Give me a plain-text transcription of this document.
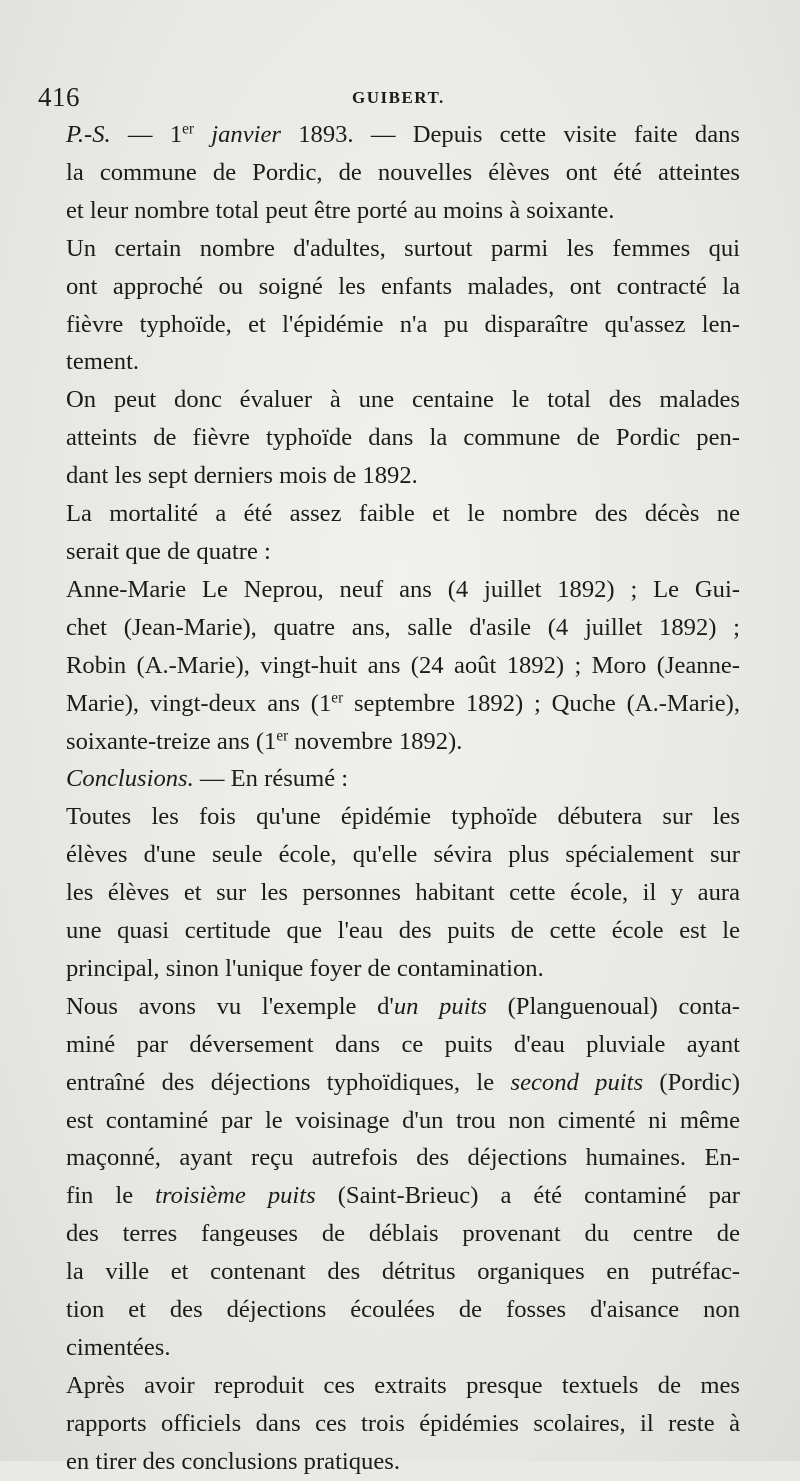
416	GUIBERT.

P.-S. — 1er janvier 1893. — Depuis cette visite faite dans
la commune de Pordic, de nouvelles élèves ont été atteintes
et leur nombre total peut être porté au moins à soixante.

Un certain nombre d'adultes, surtout parmi les femmes qui
ont approché ou soigné les enfants malades, ont contracté la
fièvre typhoïde, et l'épidémie n'a pu disparaître qu'assez len-
tement.

On peut donc évaluer à une centaine le total des malades
atteints de fièvre typhoïde dans la commune de Pordic pen-
dant les sept derniers mois de 1892.

La mortalité a été assez faible et le nombre des décès ne
serait que de quatre :

Anne-Marie Le Neprou, neuf ans (4 juillet 1892) ; Le Gui-
chet (Jean-Marie), quatre ans, salle d'asile (4 juillet 1892) ;
Robin (A.-Marie), vingt-huit ans (24 août 1892) ; Moro (Jeanne-
Marie), vingt-deux ans (1er septembre 1892) ; Quche (A.-Marie),
soixante-treize ans (1er novembre 1892).

Conclusions. — En résumé :

Toutes les fois qu'une épidémie typhoïde débutera sur les
élèves d'une seule école, qu'elle sévira plus spécialement sur
les élèves et sur les personnes habitant cette école, il y aura
une quasi certitude que l'eau des puits de cette école est le
principal, sinon l'unique foyer de contamination.

Nous avons vu l'exemple d'un puits (Planguenoual) conta-
miné par déversement dans ce puits d'eau pluviale ayant
entraîné des déjections typhoïdiques, le second puits (Pordic)
est contaminé par le voisinage d'un trou non cimenté ni même
maçonné, ayant reçu autrefois des déjections humaines. En-
fin le troisième puits (Saint-Brieuc) a été contaminé par
des terres fangeuses de déblais provenant du centre de
la ville et contenant des détritus organiques en putréfac-
tion et des déjections écoulées de fosses d'aisance non
cimentées.

Après avoir reproduit ces extraits presque textuels de mes
rapports officiels dans ces trois épidémies scolaires, il reste à
en tirer des conclusions pratiques.
